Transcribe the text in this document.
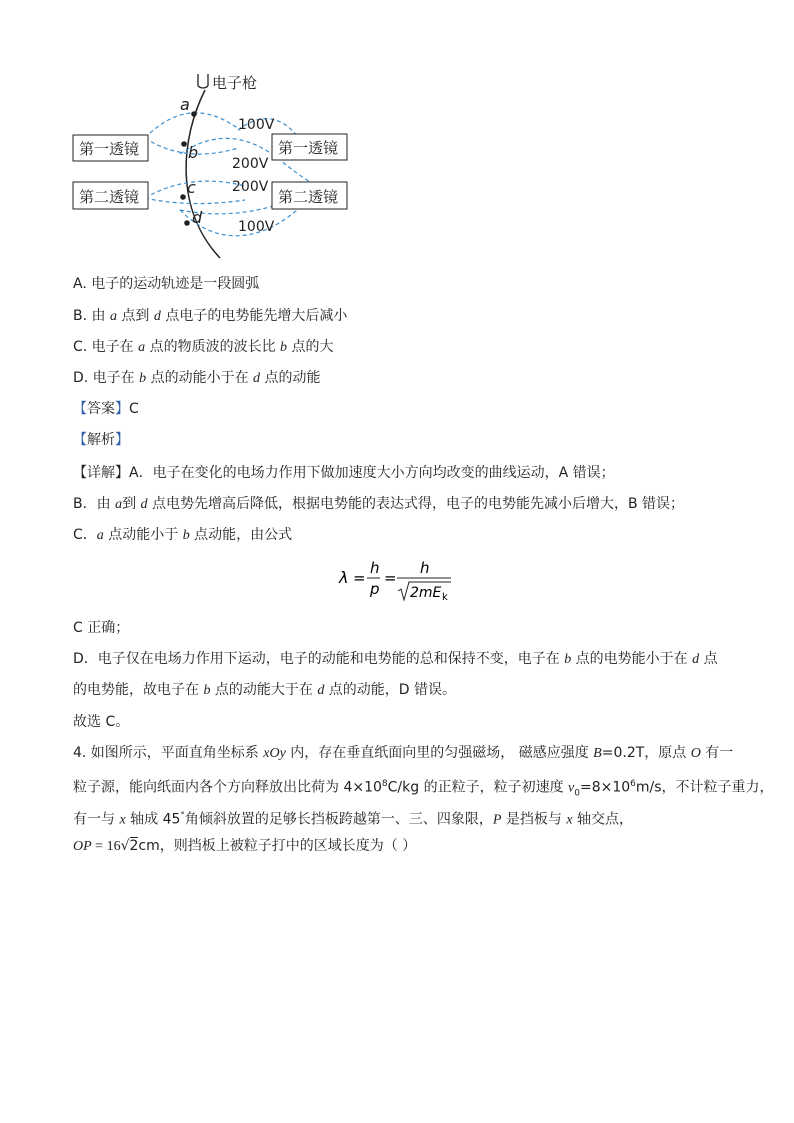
电子枪
第一透镜	第一透镜
第二透镜	第二透镜
a
b
c
d
100V
200V
200V
100V
A. 电子的运动轨迹是一段圆弧
B. 由 a 点到 d 点电子的电势能先增大后减小
C. 电子在 a 点的物质波的波长比 b 点的大
D. 电子在 b 点的动能小于在 d 点的动能
【答案】C
【解析】
【详解】A．电子在变化的电场力作用下做加速度大小方向均改变的曲线运动，A 错误；
B．由 a到 d 点电势先增高后降低，根据电势能的表达式得，电子的电势能先减小后增大，B 错误；
C．a 点动能小于 b 点动能，由公式
λ =
h
p
=
h
2mE k
C 正确；
D．电子仅在电场力作用下运动，电子的动能和电势能的总和保持不变，电子在 b 点的电势能小于在 d 点
的电势能，故电子在 b 点的动能大于在 d 点的动能，D 错误。
故选 C。
4. 如图所示，平面直角坐标系 xOy 内，存在垂直纸面向里的匀强磁场， 磁感应强度 B=0.2T，原点 O 有一
粒子源，能向纸面内各个方向释放出比荷为 $4\times 10^8C/kg$ 的正粒子，粒子初速度 $v_0=8\times 10^6m/s$，不计粒子重力，
有一与 x 轴成 45°角倾斜放置的足够长挡板跨越第一、三、四象限，P 是挡板与 x 轴交点，
OP = 16√2cm，则挡板上被粒子打中的区域长度为（ ）
